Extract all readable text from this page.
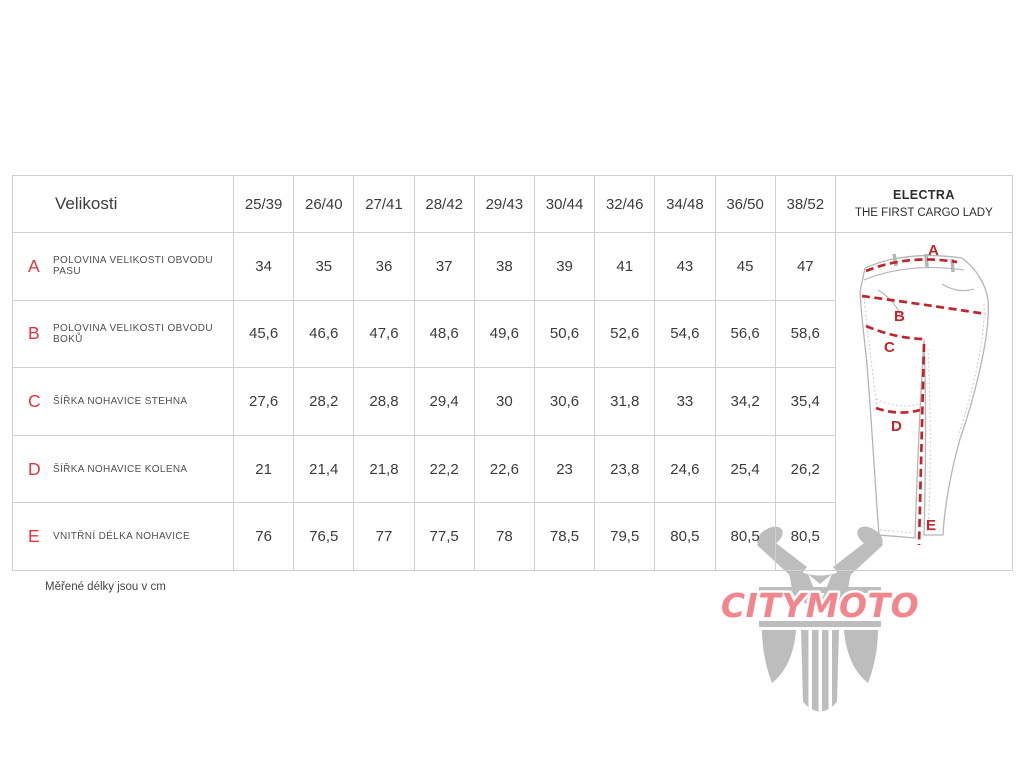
CITYMOTO
Velikosti	25/39	26/40	27/41	28/42	29/43	30/44	32/46	34/48	36/50	38/52	ELECTRA
THE FIRST CARGO LADY

A POLOVINA VELIKOSTI OBVODU PASU	34	35	36	37	38	39	41	43	45	47	A
B
C
D
E

B POLOVINA VELIKOSTI OBVODU BOKŮ	45,6	46,6	47,6	48,6	49,6	50,6	52,6	54,6	56,6	58,6	

C ŠÍŘKA NOHAVICE STEHNA	27,6	28,2	28,8	29,4	30	30,6	31,8	33	34,2	35,4	

D ŠÍŘKA NOHAVICE KOLENA	21	21,4	21,8	22,2	22,6	23	23,8	24,6	25,4	26,2	

E VNITŘNÍ DÉLKA NOHAVICE	76	76,5	77	77,5	78	78,5	79,5	80,5	80,5	80,5	
Měřené délky jsou v cm
